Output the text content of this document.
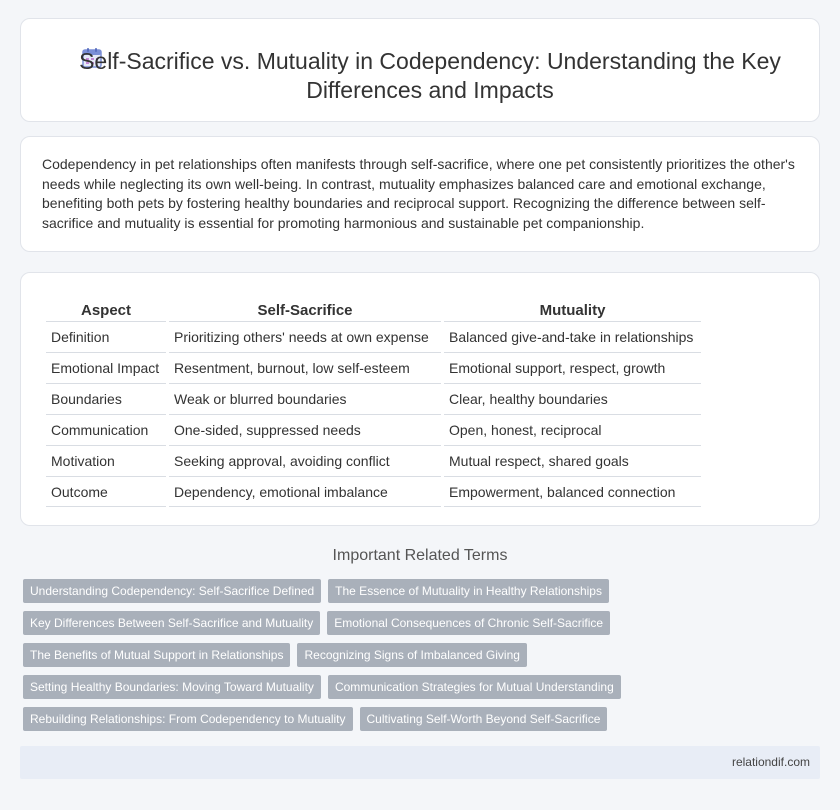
Self-Sacrifice vs. Mutuality in Codependency: Understanding the Key Differences and Impacts

Codependency in pet relationships often manifests through self-sacrifice, where one pet consistently prioritizes the other's needs while neglecting its own well-being. In contrast, mutuality emphasizes balanced care and emotional exchange, benefiting both pets by fostering healthy boundaries and reciprocal support. Recognizing the difference between self-sacrifice and mutuality is essential for promoting harmonious and sustainable pet companionship.

Aspect	Self-Sacrifice	Mutuality
Definition	Prioritizing others' needs at own expense	Balanced give-and-take in relationships
Emotional Impact	Resentment, burnout, low self-esteem	Emotional support, respect, growth
Boundaries	Weak or blurred boundaries	Clear, healthy boundaries
Communication	One-sided, suppressed needs	Open, honest, reciprocal
Motivation	Seeking approval, avoiding conflict	Mutual respect, shared goals
Outcome	Dependency, emotional imbalance	Empowerment, balanced connection
Important Related Terms
Understanding Codependency: Self-Sacrifice Defined	The Essence of Mutuality in Healthy Relationships
Key Differences Between Self-Sacrifice and Mutuality	Emotional Consequences of Chronic Self-Sacrifice
The Benefits of Mutual Support in Relationships	Recognizing Signs of Imbalanced Giving
Setting Healthy Boundaries: Moving Toward Mutuality	Communication Strategies for Mutual Understanding
Rebuilding Relationships: From Codependency to Mutuality	Cultivating Self-Worth Beyond Self-Sacrifice
relationdif.com
